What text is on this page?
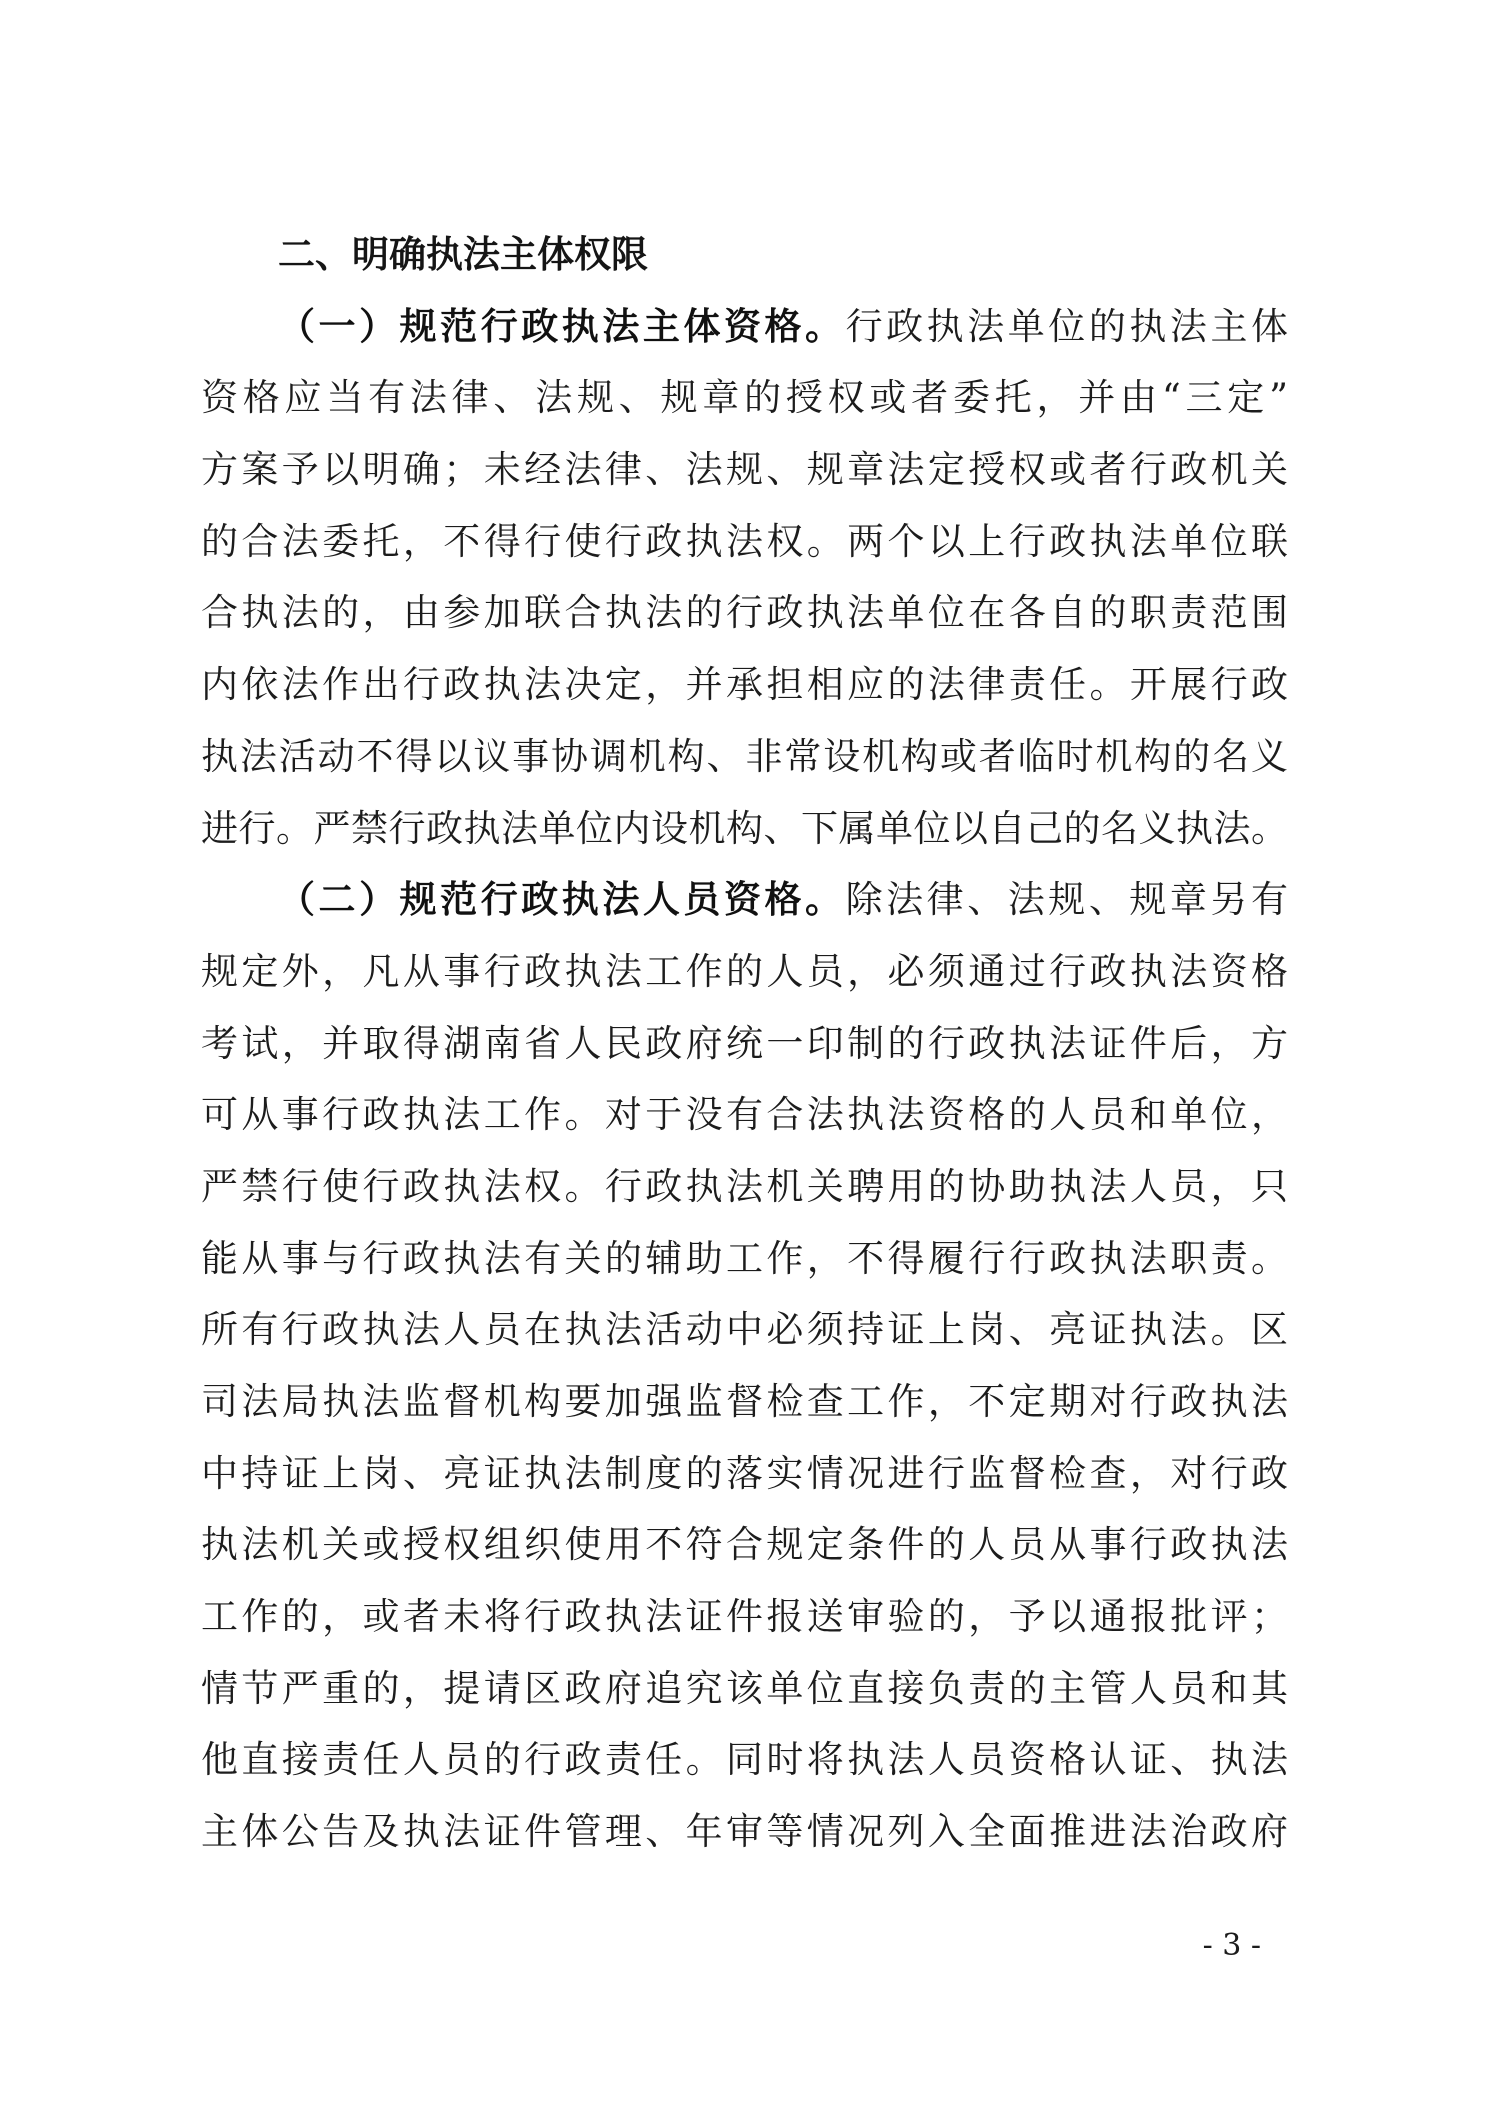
二、明确执法主体权限
（一）规范行政执法主体资格。行政执法单位的执法主体
资格应当有法律、法规、规章的授权或者委托，并由“三定”
方案予以明确；未经法律、法规、规章法定授权或者行政机关
的合法委托，不得行使行政执法权。两个以上行政执法单位联
合执法的，由参加联合执法的行政执法单位在各自的职责范围
内依法作出行政执法决定，并承担相应的法律责任。开展行政
执法活动不得以议事协调机构、非常设机构或者临时机构的名义
进行。严禁行政执法单位内设机构、下属单位以自己的名义执法。
（二）规范行政执法人员资格。除法律、法规、规章另有
规定外，凡从事行政执法工作的人员，必须通过行政执法资格
考试，并取得湖南省人民政府统一印制的行政执法证件后，方
可从事行政执法工作。对于没有合法执法资格的人员和单位，
严禁行使行政执法权。行政执法机关聘用的协助执法人员，只
能从事与行政执法有关的辅助工作，不得履行行政执法职责。
所有行政执法人员在执法活动中必须持证上岗、亮证执法。区
司法局执法监督机构要加强监督检查工作，不定期对行政执法
中持证上岗、亮证执法制度的落实情况进行监督检查，对行政
执法机关或授权组织使用不符合规定条件的人员从事行政执法
工作的，或者未将行政执法证件报送审验的，予以通报批评；
情节严重的，提请区政府追究该单位直接负责的主管人员和其
他直接责任人员的行政责任。同时将执法人员资格认证、执法
主体公告及执法证件管理、年审等情况列入全面推进法治政府
- 3 -
